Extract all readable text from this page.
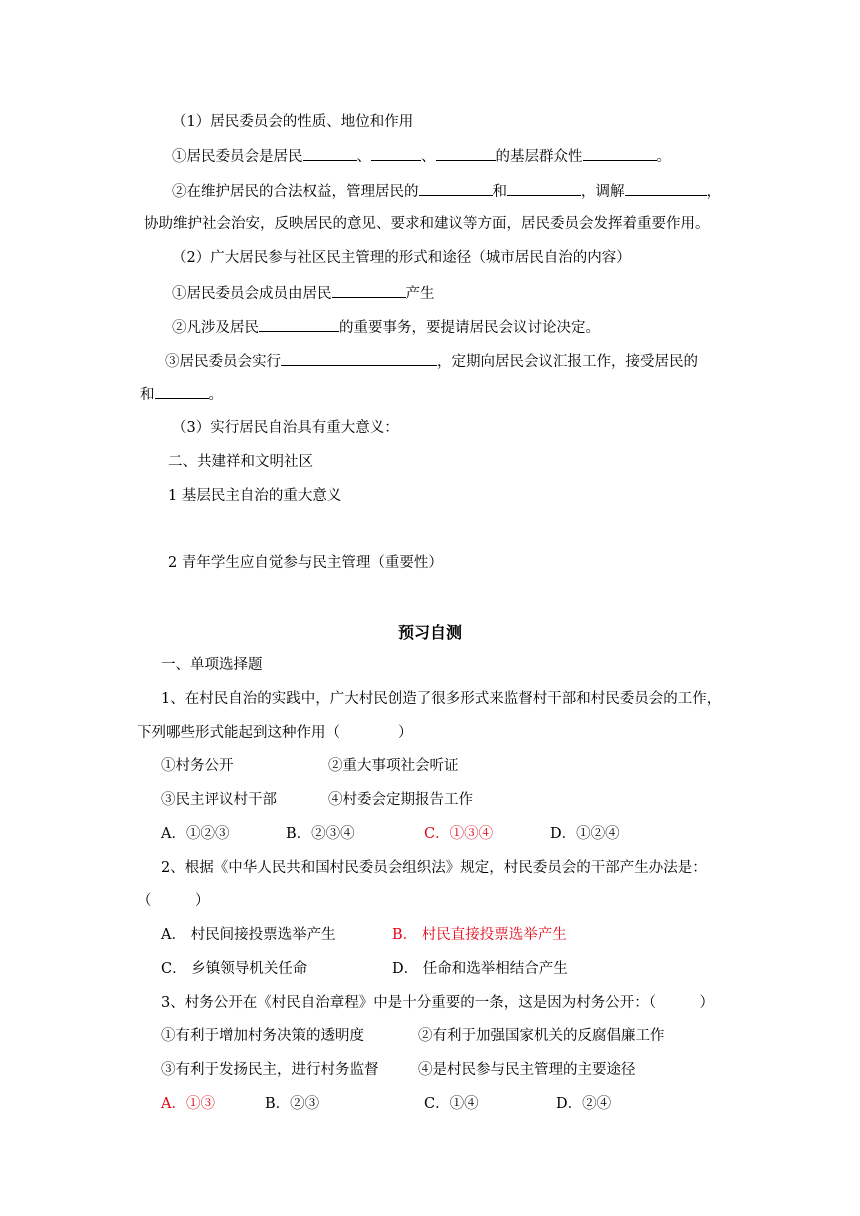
（1）居民委员会的性质、地位和作用
①居民委员会是居民	、	、	的基层群众性	。
②在维护居民的合法权益，管理居民的	和	，调解	，
协助维护社会治安，反映居民的意见、要求和建议等方面，居民委员会发挥着重要作用。
（2）广大居民参与社区民主管理的形式和途径（城市居民自治的内容）
①居民委员会成员由居民	产生
②凡涉及居民	的重要事务，要提请居民会议讨论决定。
③居民委员会实行	，定期向居民会议汇报工作，接受居民的
和	。
（3）实行居民自治具有重大意义：
二、共建祥和文明社区
1 基层民主自治的重大意义
2 青年学生应自觉参与民主管理（重要性）
预习自测
一、单项选择题
1、在村民自治的实践中，广大村民创造了很多形式来监督村干部和村民委员会的工作，
下列哪些形式能起到这种作用（　　　　）
①村务公开	②重大事项社会听证
③民主评议村干部	④村委会定期报告工作
A．①②③	B．②③④	C．①③④	D．①②④
2、根据《中华人民共和国村民委员会组织法》规定，村民委员会的干部产生办法是：
（　　　）
A． 村民间接投票选举产生	B． 村民直接投票选举产生
C． 乡镇领导机关任命	D． 任命和选举相结合产生
3、村务公开在《村民自治章程》中是十分重要的一条，这是因为村务公开：（　　　）
①有利于增加村务决策的透明度	②有利于加强国家机关的反腐倡廉工作
③有利于发扬民主，进行村务监督	④是村民参与民主管理的主要途径
A．①③	B．②③	C．①④	D．②④
